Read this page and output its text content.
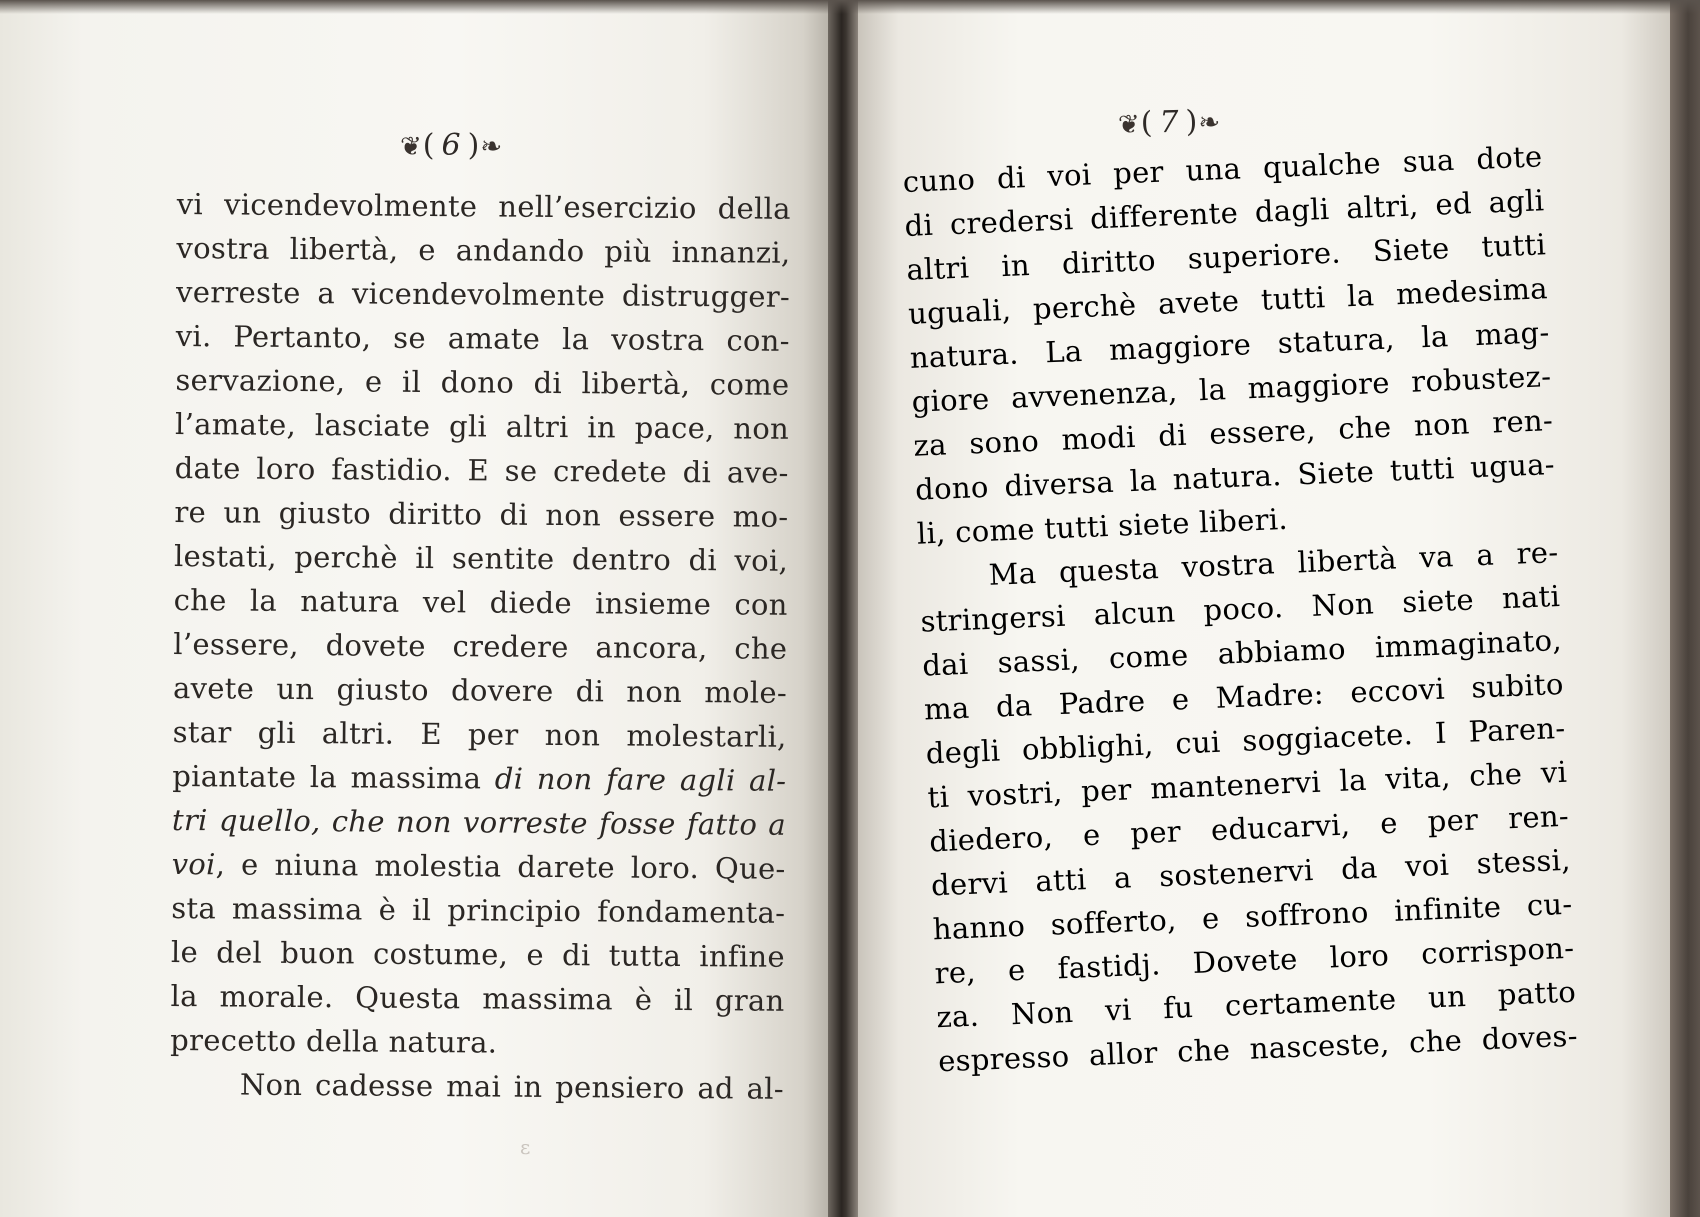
❦( 6 )❧
vi vicendevolmente nell’esercizio della
vostra libertà, e andando più innanzi,
verreste a vicendevolmente distrugger-
vi. Pertanto, se amate la vostra con-
servazione, e il dono di libertà, come
l’amate, lasciate gli altri in pace, non
date loro fastidio. E se credete di ave-
re un giusto diritto di non essere mo-
lestati, perchè il sentite dentro di voi,
che la natura vel diede insieme con
l’essere, dovete credere ancora, che
avete un giusto dovere di non mole-
star gli altri. E per non molestarli,
piantate la massima di non fare agli al-
tri quello, che non vorreste fosse fatto a
voi, e niuna molestia darete loro. Que-
sta massima è il principio fondamenta-
le del buon costume, e di tutta infine
la morale. Questa massima è il gran
precetto della natura.
Non cadesse mai in pensiero ad al-
ɛ
❦( 7 )❧
cuno di voi per una qualche sua dote
di credersi differente dagli altri, ed agli
altri in diritto superiore. Siete tutti
uguali, perchè avete tutti la medesima
natura. La maggiore statura, la mag-
giore avvenenza, la maggiore robustez-
za sono modi di essere, che non ren-
dono diversa la natura. Siete tutti ugua-
li, come tutti siete liberi.
Ma questa vostra libertà va a re-
stringersi alcun poco. Non siete nati
dai sassi, come abbiamo immaginato,
ma da Padre e Madre: eccovi subito
degli obblighi, cui soggiacete. I Paren-
ti vostri, per mantenervi la vita, che vi
diedero, e per educarvi, e per ren-
dervi atti a sostenervi da voi stessi,
hanno sofferto, e soffrono infinite cu-
re, e fastidj. Dovete loro corrispon-
za. Non vi fu certamente un patto
espresso allor che nasceste, che doves-
